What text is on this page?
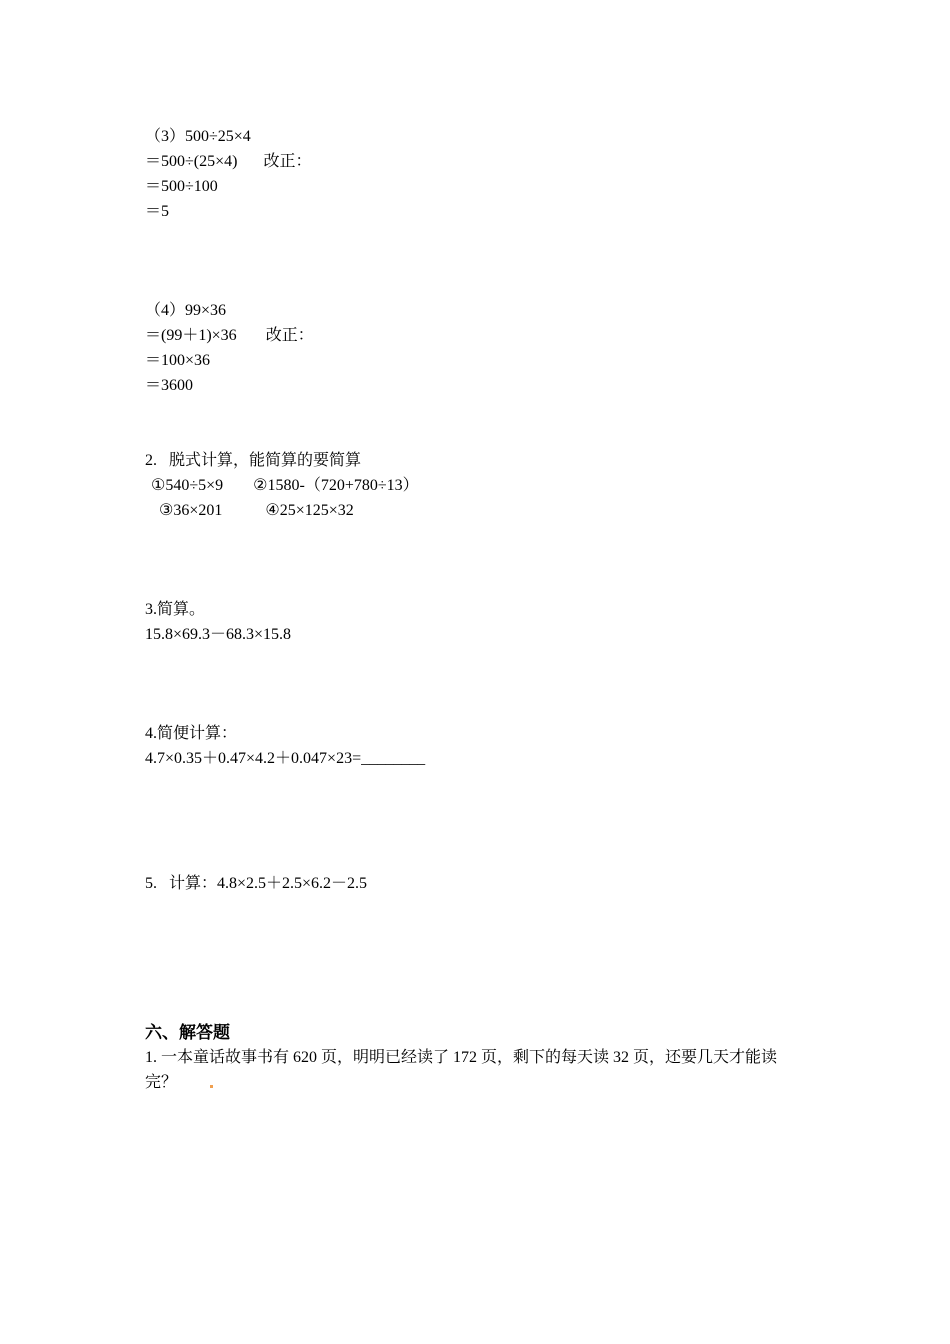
（3）500÷25×4
＝500÷(25×4) 改正：
＝500÷100
＝5
（4）99×36
＝(99＋1)×36 改正：
＝100×36
＝3600
2.   脱式计算，能简算的要简算
①540÷5×9 ②1580-（720+780÷13）
③36×201	④25×125×32
3.简算。
15.8×69.3－68.3×15.8
4.简便计算：
4.7×0.35＋0.47×4.2＋0.047×23=________
5.   计算：4.8×2.5＋2.5×6.2－2.5
六、解答题
1. 一本童话故事书有 620 页，明明已经读了 172 页，剩下的每天读 32 页，还要几天才能读
完？
